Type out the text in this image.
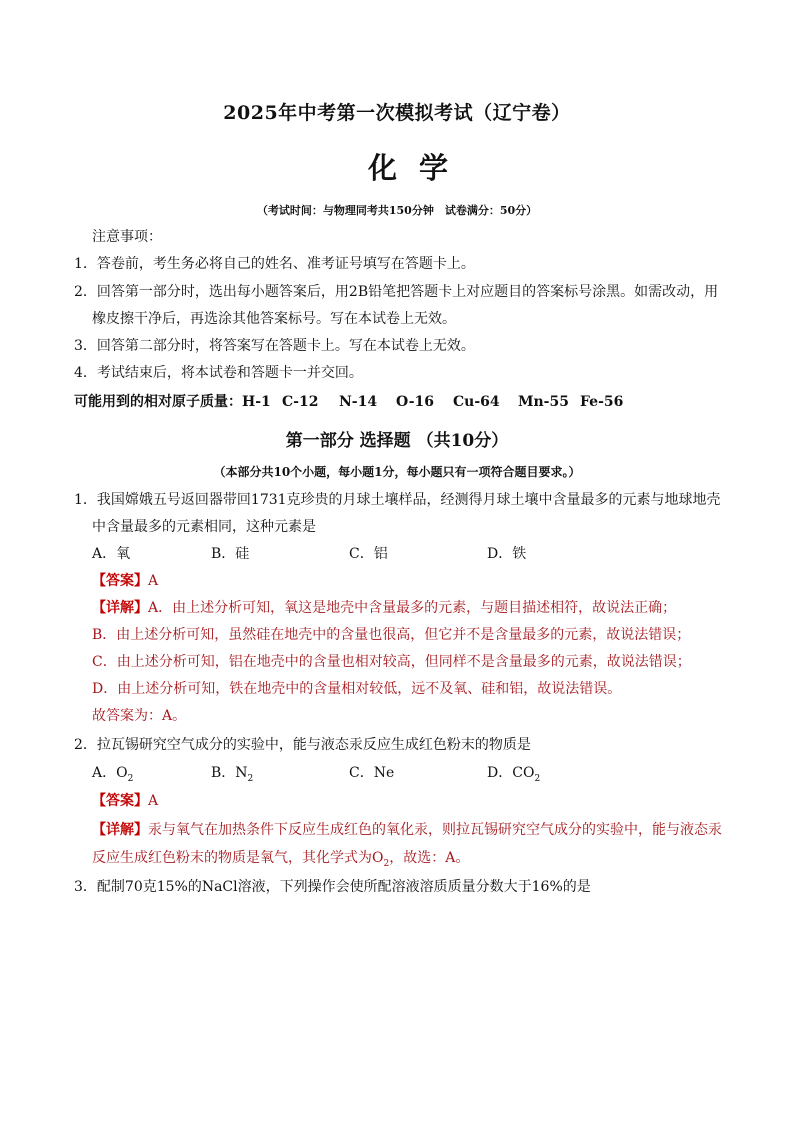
2025年中考第一次模拟考试（辽宁卷）
化学
（考试时间：与物理同考共150分钟　试卷满分：50分）
注意事项：
1．答卷前，考生务必将自己的姓名、准考证号填写在答题卡上。
2．回答第一部分时，选出每小题答案后，用2B铅笔把答题卡上对应题目的答案标号涂黑。如需改动，用
橡皮擦干净后，再选涂其他答案标号。写在本试卷上无效。
3．回答第二部分时，将答案写在答题卡上。写在本试卷上无效。
4．考试结束后，将本试卷和答题卡一并交回。
可能用到的相对原子质量：H-1 C-12 N-14 O-16 Cu-64 Mn-55 Fe-56
第一部分 选择题 （共10分）
（本部分共10个小题，每小题1分，每小题只有一项符合题目要求。）
1．我国嫦娥五号返回器带回1731克珍贵的月球土壤样品，经测得月球土壤中含量最多的元素与地球地壳
中含量最多的元素相同，这种元素是
A．氧	B．硅	C．铝	D．铁
【答案】A
【详解】A．由上述分析可知，氧这是地壳中含量最多的元素，与题目描述相符，故说法正确；
B．由上述分析可知，虽然硅在地壳中的含量也很高，但它并不是含量最多的元素，故说法错误；
C．由上述分析可知，铝在地壳中的含量也相对较高，但同样不是含量最多的元素，故说法错误；
D．由上述分析可知，铁在地壳中的含量相对较低，远不及氧、硅和铝，故说法错误。
故答案为：A。
2．拉瓦锡研究空气成分的实验中，能与液态汞反应生成红色粉末的物质是
A．$O_2$	B．$N_2$	C．Ne	D．$CO_2$
【答案】A
【详解】汞与氧气在加热条件下反应生成红色的氧化汞，则拉瓦锡研究空气成分的实验中，能与液态汞
反应生成红色粉末的物质是氧气，其化学式为$O_2$，故选：A。
3．配制70克15%的NaCl溶液，下列操作会使所配溶液溶质质量分数大于16%的是
